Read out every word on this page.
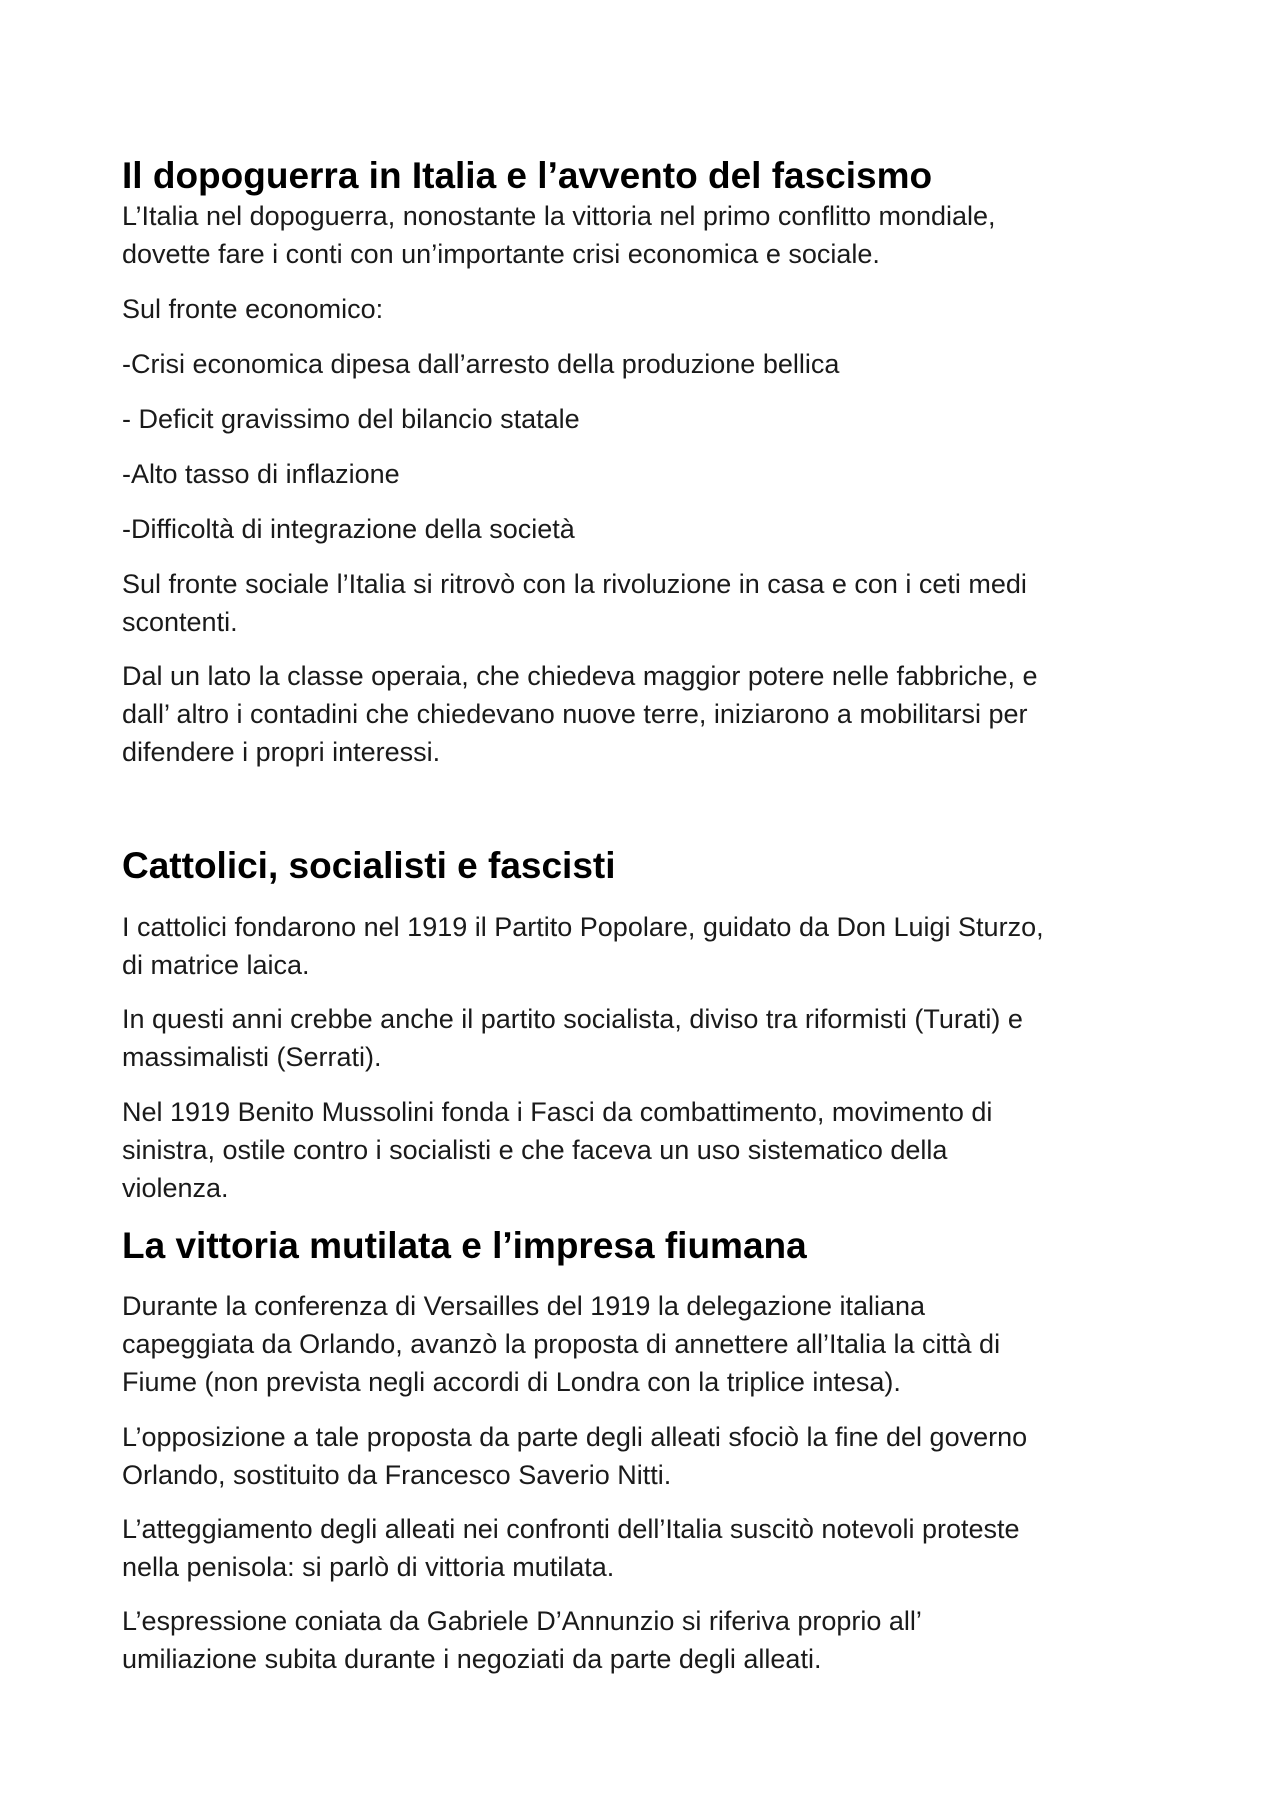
Il dopoguerra in Italia e l’avvento del fascismo

L’Italia nel dopoguerra, nonostante la vittoria nel primo conflitto mondiale,
dovette fare i conti con un’importante crisi economica e sociale.

Sul fronte economico:

-Crisi economica dipesa dall’arresto della produzione bellica

- Deficit gravissimo del bilancio statale

-Alto tasso di inflazione

-Difficoltà di integrazione della società

Sul fronte sociale l’Italia si ritrovò con la rivoluzione in casa e con i ceti medi
scontenti.

Dal un lato la classe operaia, che chiedeva maggior potere nelle fabbriche, e
dall’ altro i contadini che chiedevano nuove terre, iniziarono a mobilitarsi per
difendere i propri interessi.

Cattolici, socialisti e fascisti

I cattolici fondarono nel 1919 il Partito Popolare, guidato da Don Luigi Sturzo,
di matrice laica.

In questi anni crebbe anche il partito socialista, diviso tra riformisti (Turati) e
massimalisti (Serrati).

Nel 1919 Benito Mussolini fonda i Fasci da combattimento, movimento di
sinistra, ostile contro i socialisti e che faceva un uso sistematico della
violenza.

La vittoria mutilata e l’impresa fiumana

Durante la conferenza di Versailles del 1919 la delegazione italiana
capeggiata da Orlando, avanzò la proposta di annettere all’Italia la città di
Fiume (non prevista negli accordi di Londra con la triplice intesa).

L’opposizione a tale proposta da parte degli alleati sfociò la fine del governo
Orlando, sostituito da Francesco Saverio Nitti.

L’atteggiamento degli alleati nei confronti dell’Italia suscitò notevoli proteste
nella penisola: si parlò di vittoria mutilata.

L’espressione coniata da Gabriele D’Annunzio si riferiva proprio all’
umiliazione subita durante i negoziati da parte degli alleati.
